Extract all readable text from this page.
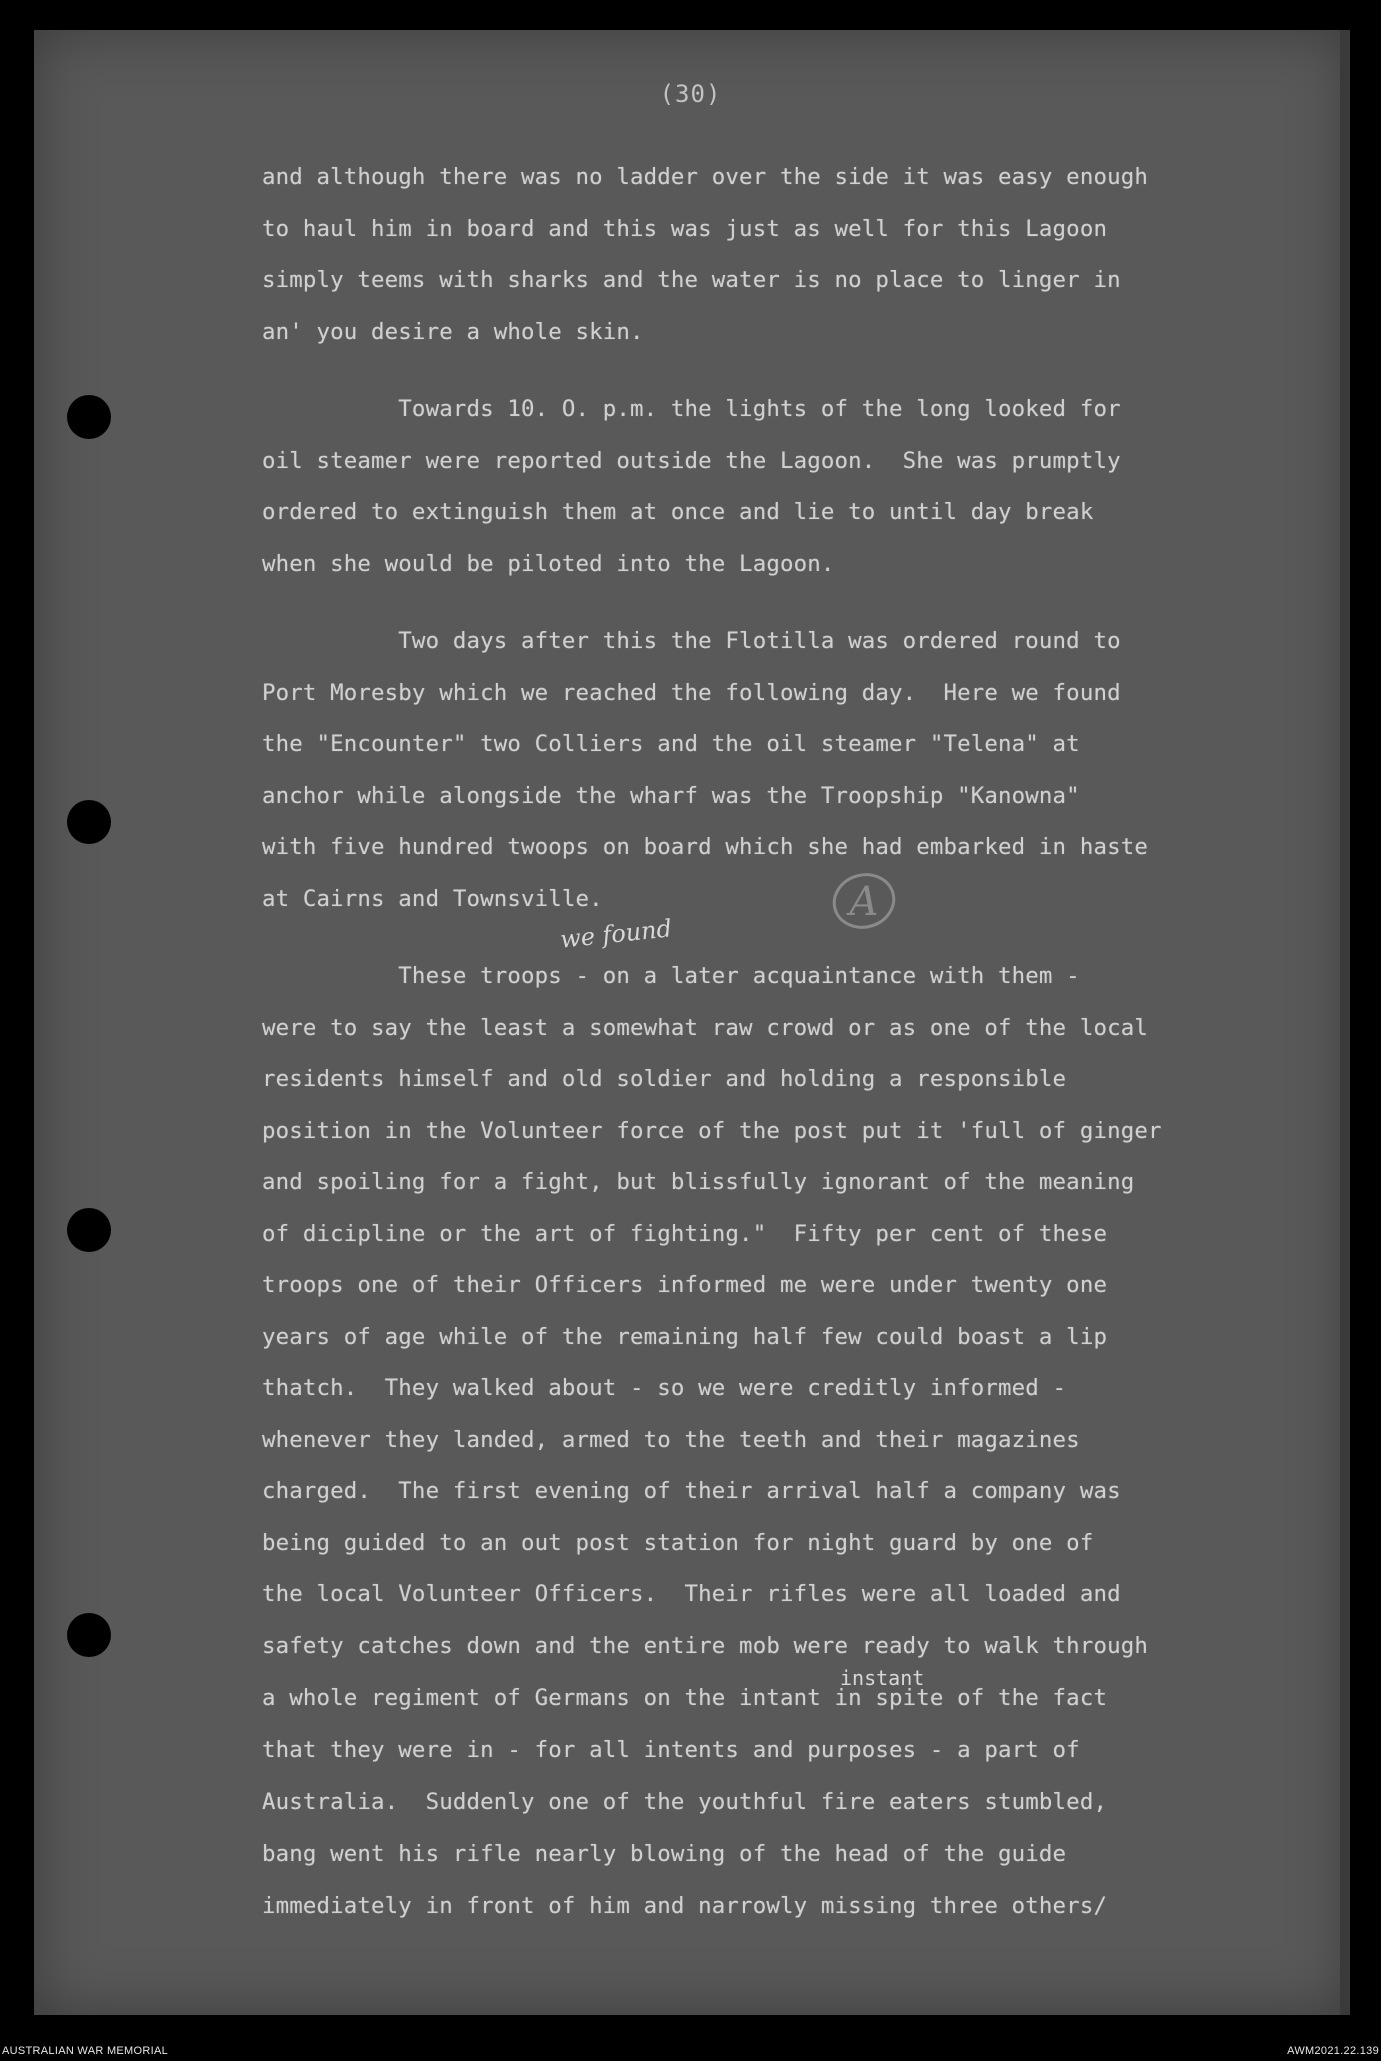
(30)
and although there was no ladder over the side it was easy enough
to haul him in board and this was just as well for this Lagoon
simply teems with sharks and the water is no place to linger in
an' you desire a whole skin.
Towards 10. O. p.m. the lights of the long looked for
oil steamer were reported outside the Lagoon.  She was prumptly
ordered to extinguish them at once and lie to until day break
when she would be piloted into the Lagoon.
Two days after this the Flotilla was ordered round to
Port Moresby which we reached the following day.  Here we found
the "Encounter" two Colliers and the oil steamer "Telena" at
anchor while alongside the wharf was the Troopship "Kanowna"
with five hundred twoops on board which she had embarked in haste
at Cairns and Townsville.
These troops - on a later acquaintance with them -
were to say the least a somewhat raw crowd or as one of the local
residents himself and old soldier and holding a responsible
position in the Volunteer force of the post put it 'full of ginger
and spoiling for a fight, but blissfully ignorant of the meaning
of dicipline or the art of fighting."  Fifty per cent of these
troops one of their Officers informed me were under twenty one
years of age while of the remaining half few could boast a lip
thatch.  They walked about - so we were creditly informed -
whenever they landed, armed to the teeth and their magazines
charged.  The first evening of their arrival half a company was
being guided to an out post station for night guard by one of
the local Volunteer Officers.  Their rifles were all loaded and
safety catches down and the entire mob were ready to walk through
a whole regiment of Germans on the intant in spite of the fact
that they were in - for all intents and purposes - a part of
Australia.  Suddenly one of the youthful fire eaters stumbled,
bang went his rifle nearly blowing of the head of the guide
immediately in front of him and narrowly missing three others/
we found
instant
A
AUSTRALIAN WAR MEMORIAL	AWM2021.22.139
